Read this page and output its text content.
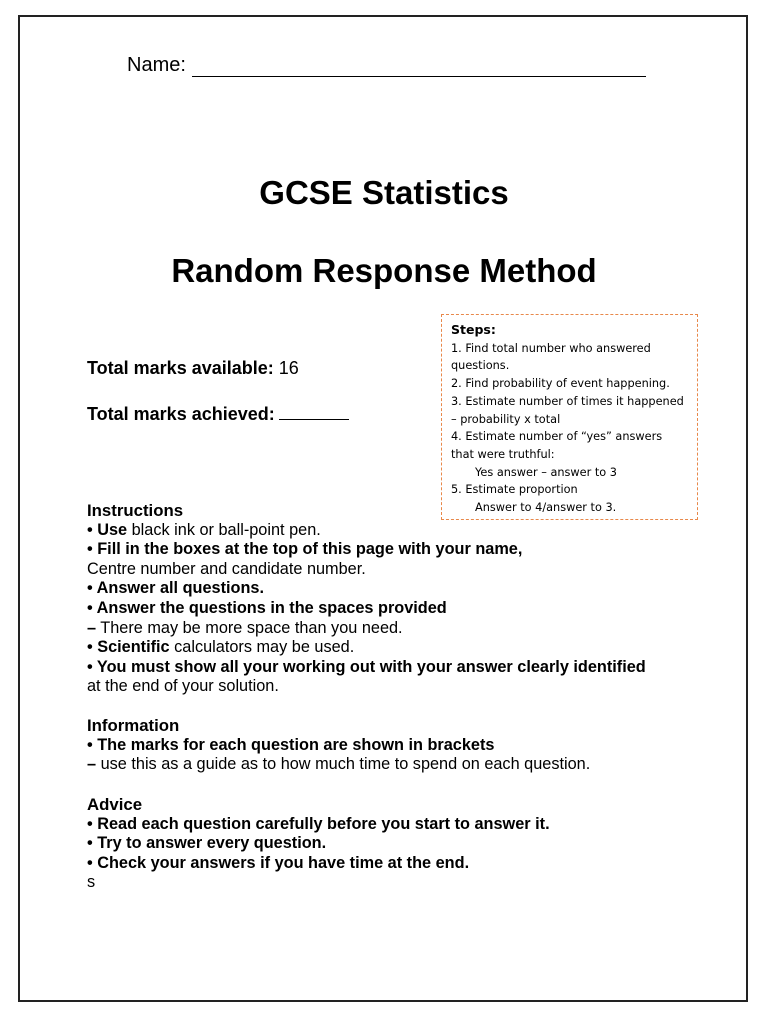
Name:
GCSE Statistics
Random Response Method
Steps:
1. Find total number who answered
questions.
2. Find probability of event happening.
3. Estimate number of times it happened
– probability x total
4. Estimate number of “yes” answers
that were truthful:
Yes answer – answer to 3
5. Estimate proportion
Answer to 4/answer to 3.
Total marks available: 16
Total marks achieved:
Instructions
• Use black ink or ball-point pen.
• Fill in the boxes at the top of this page with your name,
Centre number and candidate number.
• Answer all questions.
• Answer the questions in the spaces provided
– There may be more space than you need.
• Scientific calculators may be used.
• You must show all your working out with your answer clearly identified
at the end of your solution.
Information
• The marks for each question are shown in brackets
– use this as a guide as to how much time to spend on each question.
Advice
• Read each question carefully before you start to answer it.
• Try to answer every question.
• Check your answers if you have time at the end.
s
